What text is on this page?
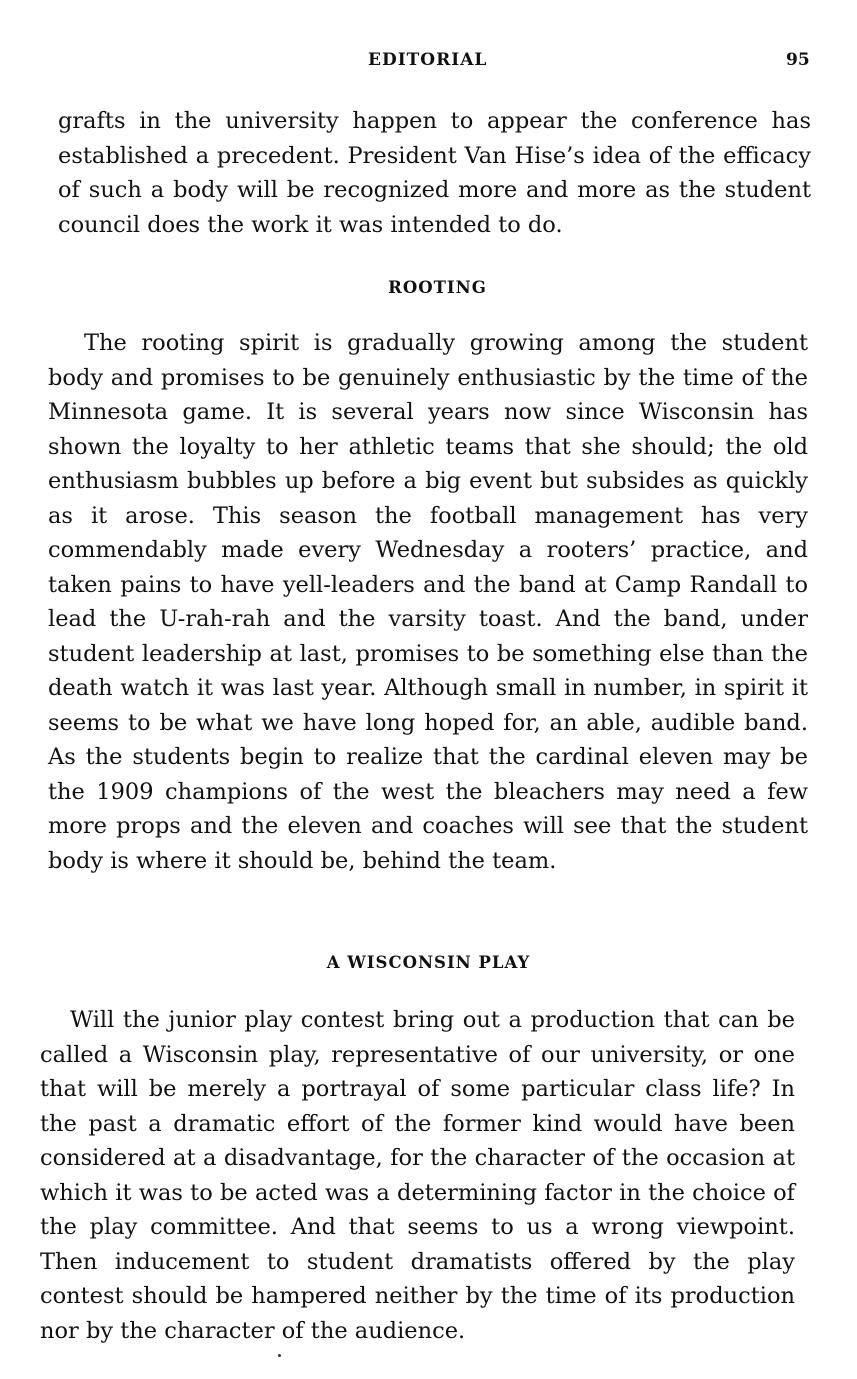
EDITORIAL	95

grafts in the university happen to appear the conference has established a precedent. President Van Hise’s idea of the efficacy of such a body will be recognized more and more as the student council does the work it was intended to do.

ROOTING

The rooting spirit is gradually growing among the student body and promises to be genuinely enthusiastic by the time of the Minnesota game. It is several years now since Wisconsin has shown the loyalty to her athletic teams that she should; the old enthusiasm bubbles up before a big event but subsides as quickly as it arose. This season the football management has very commendably made every Wednesday a rooters’ practice, and taken pains to have yell-leaders and the band at Camp Randall to lead the U-rah-rah and the varsity toast. And the band, under student leadership at last, promises to be something else than the death watch it was last year. Although small in number, in spirit it seems to be what we have long hoped for, an able, audible band. As the students begin to realize that the cardinal eleven may be the 1909 champions of the west the bleachers may need a few more props and the eleven and coaches will see that the student body is where it should be, behind the team.

A WISCONSIN PLAY

Will the junior play contest bring out a production that can be called a Wisconsin play, representative of our university, or one that will be merely a portrayal of some particular class life? In the past a dramatic effort of the former kind would have been considered at a disadvantage, for the character of the occasion at which it was to be acted was a determining factor in the choice of the play committee. And that seems to us a wrong viewpoint. Then inducement to student dramatists offered by the play contest should be hampered neither by the time of its production nor by the character of the audience.
